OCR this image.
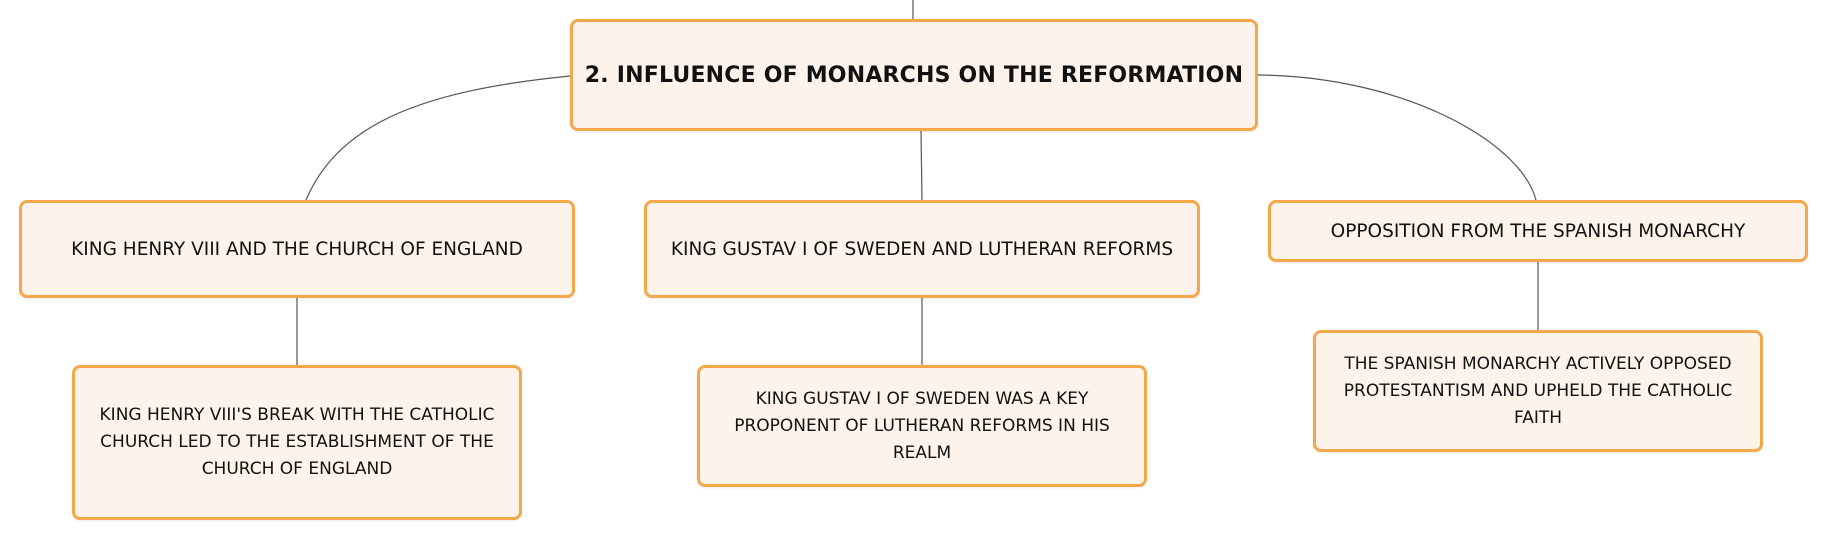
2. INFLUENCE OF MONARCHS ON THE REFORMATION
KING HENRY VIII AND THE CHURCH OF ENGLAND	KING GUSTAV I OF SWEDEN AND LUTHERAN REFORMS
OPPOSITION FROM THE SPANISH MONARCHY
KING HENRY VIII'S BREAK WITH THE CATHOLIC CHURCH LED TO THE ESTABLISHMENT OF THE CHURCH OF ENGLAND
KING GUSTAV I OF SWEDEN WAS A KEY PROPONENT OF LUTHERAN REFORMS IN HIS REALM
THE SPANISH MONARCHY ACTIVELY OPPOSED PROTESTANTISM AND UPHELD THE CATHOLIC FAITH
